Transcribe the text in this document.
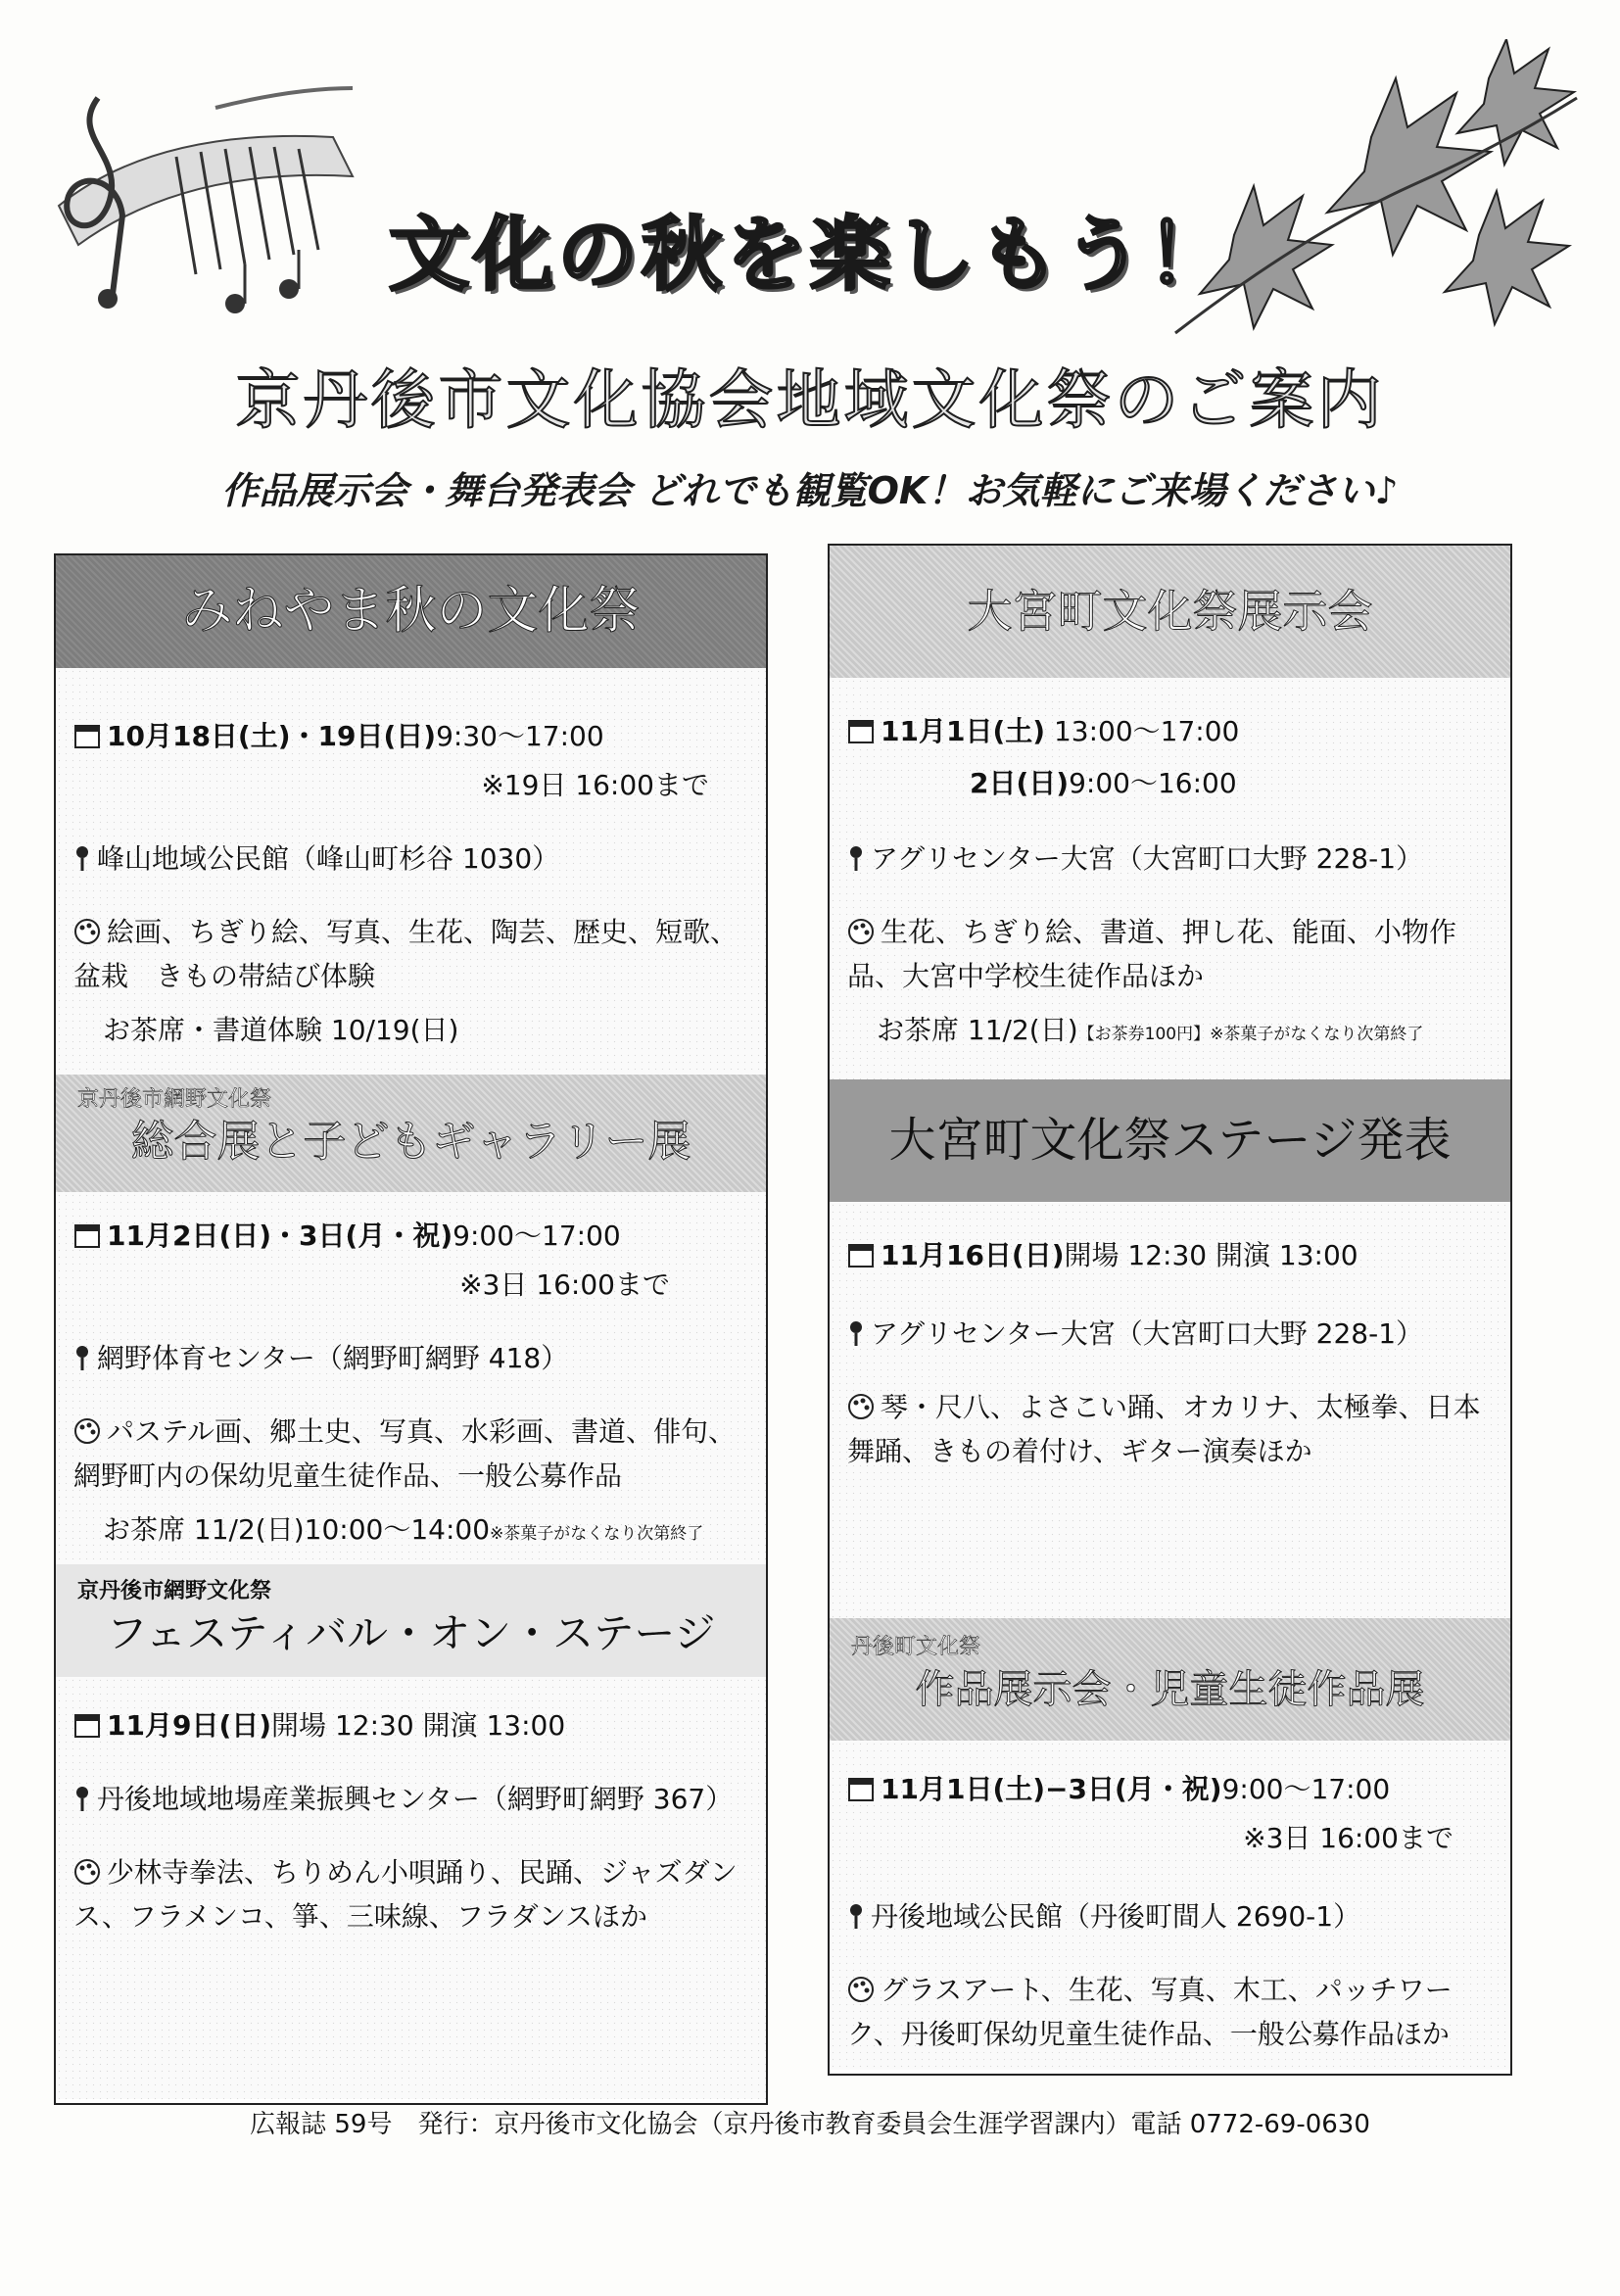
文化の秋を楽しもう！
京丹後市文化協会地域文化祭のご案内
作品展示会・舞台発表会 どれでも観覧OK！お気軽にご来場ください♪
みねやま秋の文化祭
10月18日(土)・19日(日)9:30〜17:00
※19日 16:00まで
峰山地域公民館（峰山町杉谷 1030）
絵画、ちぎり絵、写真、生花、陶芸、歴史、短歌、盆栽　きもの帯結び体験
お茶席・書道体験 10/19(日)
京丹後市網野文化祭
総合展と子どもギャラリー展
11月2日(日)・3日(月・祝)9:00〜17:00
※3日 16:00まで
網野体育センター（網野町網野 418）
パステル画、郷土史、写真、水彩画、書道、俳句、網野町内の保幼児童生徒作品、一般公募作品
お茶席 11/2(日)10:00〜14:00※茶菓子がなくなり次第終了
京丹後市網野文化祭
フェスティバル・オン・ステージ
11月9日(日)開場 12:30 開演 13:00
丹後地域地場産業振興センター（網野町網野 367）
少林寺拳法、ちりめん小唄踊り、民踊、ジャズダンス、フラメンコ、箏、三味線、フラダンスほか
大宮町文化祭展示会
11月1日(土) 13:00〜17:00
2日(日)9:00〜16:00
アグリセンター大宮（大宮町口大野 228-1）
生花、ちぎり絵、書道、押し花、能面、小物作品、大宮中学校生徒作品ほか
お茶席 11/2(日)【お茶券100円】※茶菓子がなくなり次第終了
大宮町文化祭ステージ発表
11月16日(日)開場 12:30 開演 13:00
アグリセンター大宮（大宮町口大野 228-1）
琴・尺八、よさこい踊、オカリナ、太極拳、日本舞踊、きもの着付け、ギター演奏ほか
丹後町文化祭
作品展示会・児童生徒作品展
11月1日(土)−3日(月・祝)9:00〜17:00
※3日 16:00まで
丹後地域公民館（丹後町間人 2690-1）
グラスアート、生花、写真、木工、パッチワーク、丹後町保幼児童生徒作品、一般公募作品ほか
広報誌 59号　発行：京丹後市文化協会（京丹後市教育委員会生涯学習課内）電話 0772-69-0630
